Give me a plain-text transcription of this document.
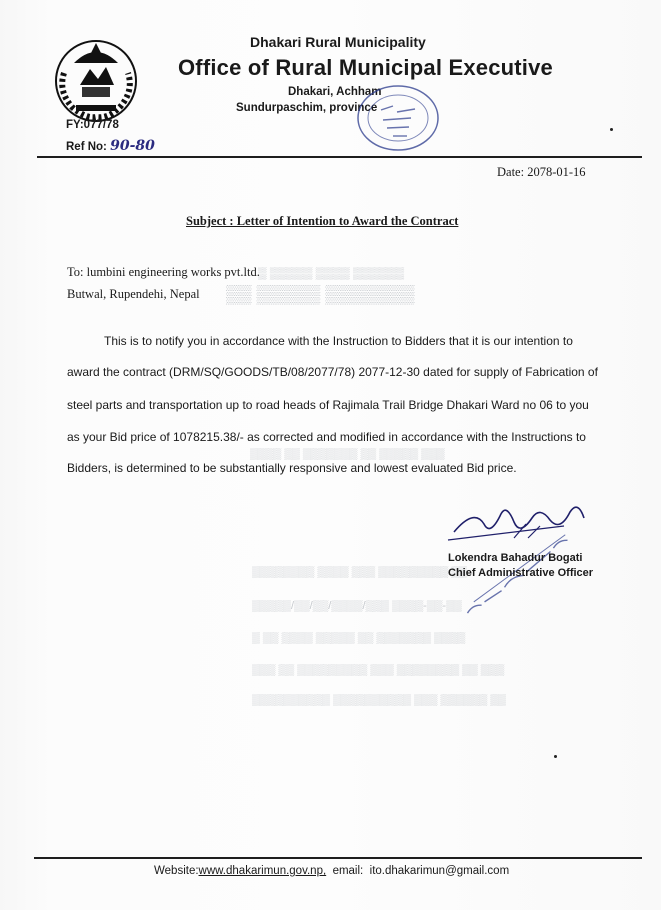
Dhakari Rural Municipality
Office of Rural Municipal Executive
Dhakari, Achham
Sundurpaschim, province
FY:077/78
Ref No: 90-80
Date: 2078-01-16
Subject : Letter of Intention to Award the Contract
▒ ▒▒▒▒▒ ▒▒▒▒ ▒▒▒▒▒▒
▒▒ ▒▒▒▒▒ ▒▒▒▒▒▒▒
▒▒▒▒ ▒▒ ▒▒▒▒▒▒▒ ▒▒ ▒▒▒▒▒ ▒▒▒
▒▒▒▒▒▒▒▒ ▒▒▒▒ ▒▒▒ ▒▒▒▒▒▒▒▒▒ ▒▒
▒▒▒▒▒/▒▒/▒▒/▒▒▒▒/▒▒▒ ▒▒▒▒-▒▒-▒▒
▒ ▒▒ ▒▒▒▒ ▒▒▒▒▒ ▒▒ ▒▒▒▒▒▒▒ ▒▒▒▒
▒▒▒ ▒▒ ▒▒▒▒▒▒▒▒▒ ▒▒▒ ▒▒▒▒▒▒▒▒ ▒▒ ▒▒▒
▒▒▒▒▒▒▒▒▒▒ ▒▒▒▒▒▒▒▒▒▒ ▒▒▒ ▒▒▒▒▒▒ ▒▒
To: lumbini engineering works pvt.ltd.
Butwal, Rupendehi, Nepal
This is to notify you in accordance with the Instruction to Bidders that it is our intention to
award the contract (DRM/SQ/GOODS/TB/08/2077/78) 2077-12-30 dated for supply of Fabrication of
steel parts and transportation up to road heads of Rajimala Trail Bridge Dhakari Ward no 06 to you
as your Bid price of 1078215.38/- as corrected and modified in accordance with the Instructions to
Bidders, is determined to be substantially responsive and lowest evaluated Bid price.
Lokendra Bahadur Bogati
Chief Administrative Officer
Website:www.dhakarimun.gov.np, email: ito.dhakarimun@gmail.com
